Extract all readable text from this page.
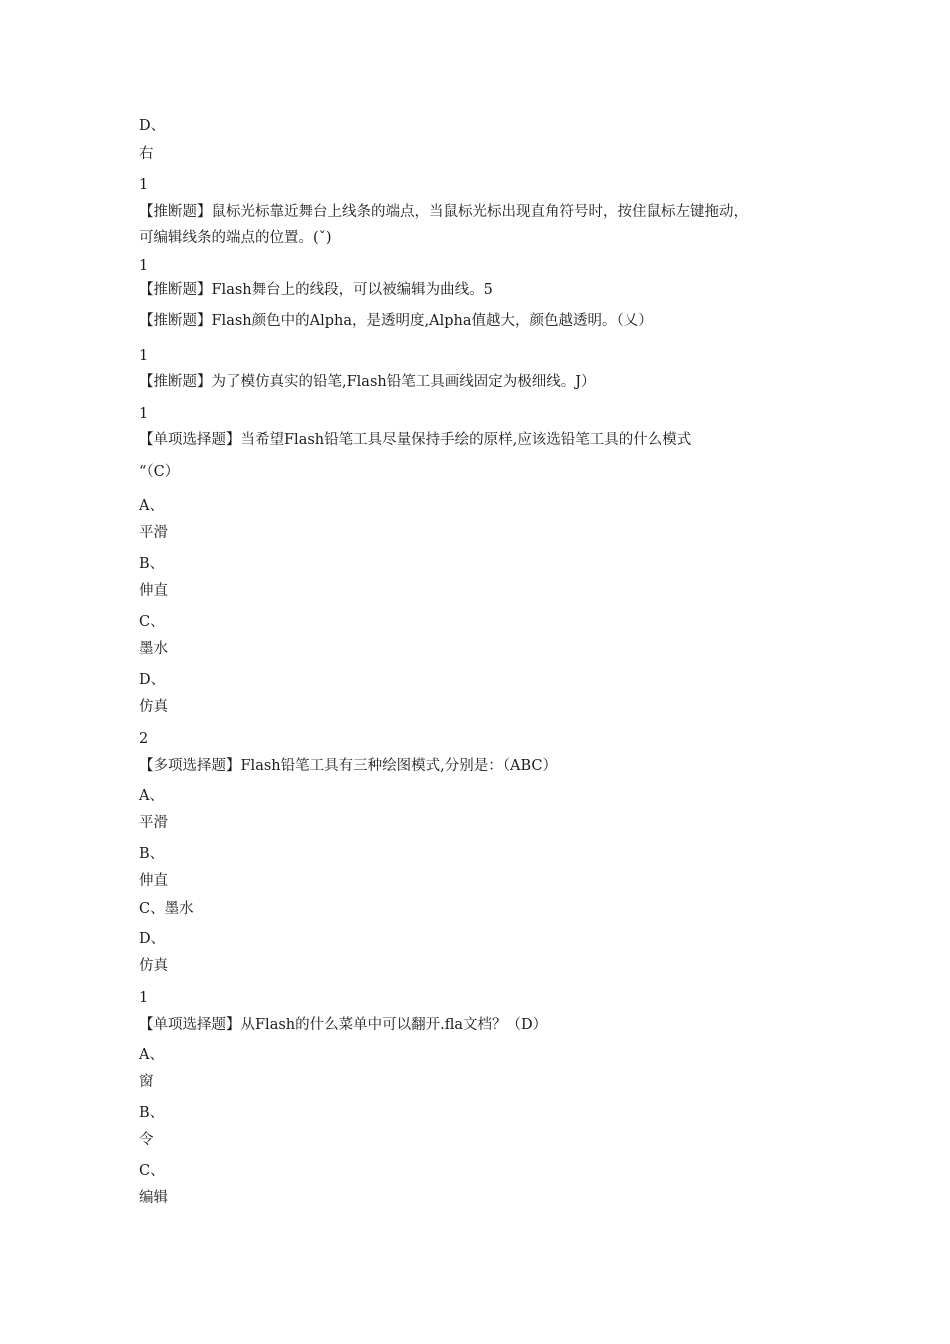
D、

右

1

【推断题】鼠标光标靠近舞台上线条的端点，当鼠标光标出现直角符号时，按住鼠标左键拖动，

可编辑线条的端点的位置。(ˇ)

1

【推断题】Flash舞台上的线段，可以被编辑为曲线。5

【推断题】Flash颜色中的Alpha，是透明度,Alpha值越大，颜色越透明。（乂）

1

【推断题】为了模仿真实的铅笔,Flash铅笔工具画线固定为极细线。J）

1

【单项选择题】当希望Flash铅笔工具尽量保持手绘的原样,应该选铅笔工具的什么模式

“（C）

A、

平滑

B、

伸直

C、

墨水

D、

仿真

2

【多项选择题】Flash铅笔工具有三种绘图模式,分别是：（ABC）

A、

平滑

B、

伸直

C、墨水

D、

仿真

1

【单项选择题】从Flash的什么菜单中可以翻开.fla文档？（D）

A、

窗

B、

令

C、

编辑
